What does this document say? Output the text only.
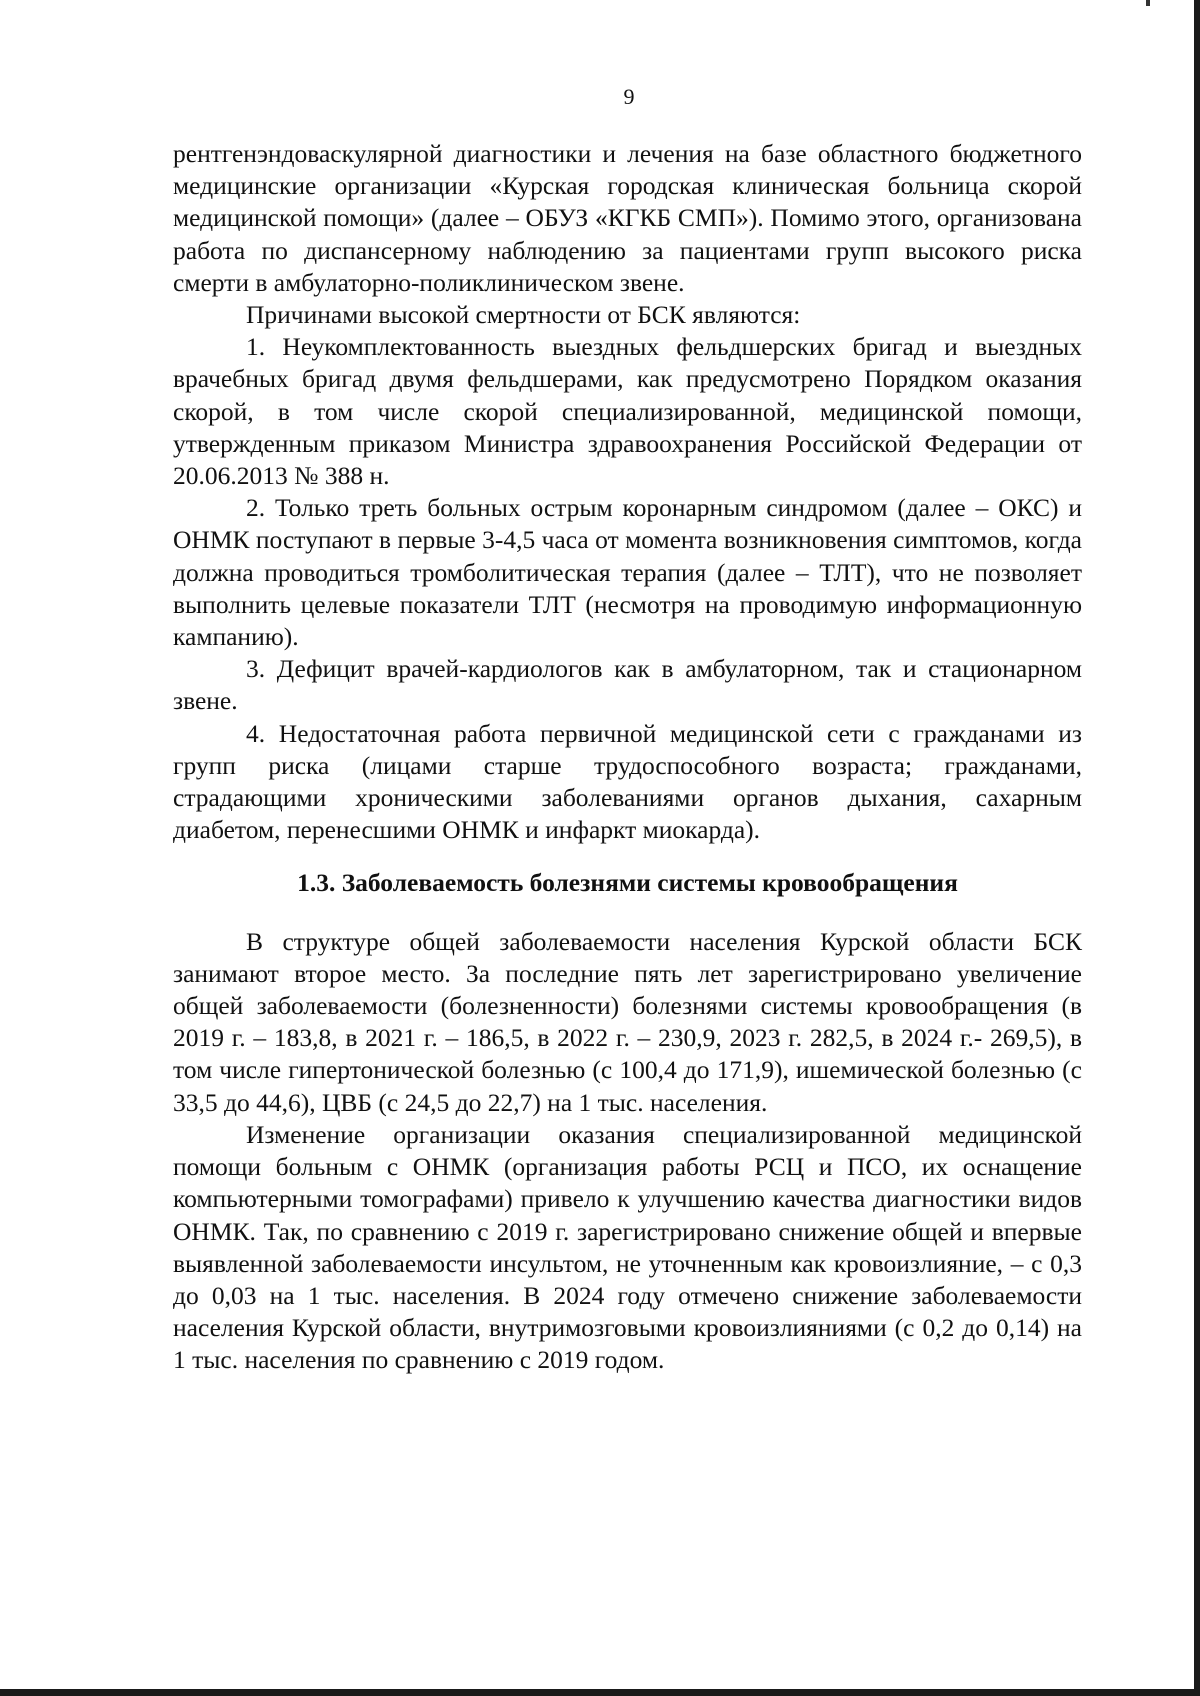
9

рентгенэндоваскулярной диагностики и лечения на базе областного бюджетного медицинские организации «Курская городская клиническая больница скорой медицинской помощи» (далее – ОБУЗ «КГКБ СМП»). Помимо этого, организована работа по диспансерному наблюдению за пациентами групп высокого риска смерти в амбулаторно-поликлиническом звене.

Причинами высокой смертности от БСК являются:

1. Неукомплектованность выездных фельдшерских бригад и выездных врачебных бригад двумя фельдшерами, как предусмотрено Порядком оказания скорой, в том числе скорой специализированной, медицинской помощи, утвержденным приказом Министра здравоохранения Российской Федерации от 20.06.2013 № 388 н.

2. Только треть больных острым коронарным синдромом (далее – ОКС) и ОНМК поступают в первые 3-4,5 часа от момента возникновения симптомов, когда должна проводиться тромболитическая терапия (далее – ТЛТ), что не позволяет выполнить целевые показатели ТЛТ (несмотря на проводимую информационную кампанию).

3. Дефицит врачей-кардиологов как в амбулаторном, так и стационарном звене.

4. Недостаточная работа первичной медицинской сети с гражданами из групп риска (лицами старше трудоспособного возраста; гражданами, страдающими хроническими заболеваниями органов дыхания, сахарным диабетом, перенесшими ОНМК и инфаркт миокарда).

1.3. Заболеваемость болезнями системы кровообращения

В структуре общей заболеваемости населения Курской области БСК занимают второе место. За последние пять лет зарегистрировано увеличение общей заболеваемости (болезненности) болезнями системы кровообращения (в 2019 г. – 183,8, в 2021 г. – 186,5, в 2022 г. – 230,9, 2023 г. 282,5, в 2024 г.- 269,5), в том числе гипертонической болезнью (с 100,4 до 171,9), ишемической болезнью (с 33,5 до 44,6), ЦВБ (с 24,5 до 22,7) на 1 тыс. населения.

Изменение организации оказания специализированной медицинской помощи больным с ОНМК (организация работы РСЦ и ПСО, их оснащение компьютерными томографами) привело к улучшению качества диагностики видов ОНМК. Так, по сравнению с 2019 г. зарегистрировано снижение общей и впервые выявленной заболеваемости инсультом, не уточненным как кровоизлияние, – с 0,3 до 0,03 на 1 тыс. населения. В 2024 году отмечено снижение заболеваемости населения Курской области, внутримозговыми кровоизлияниями (с 0,2 до 0,14) на 1 тыс. населения по сравнению с 2019 годом.
